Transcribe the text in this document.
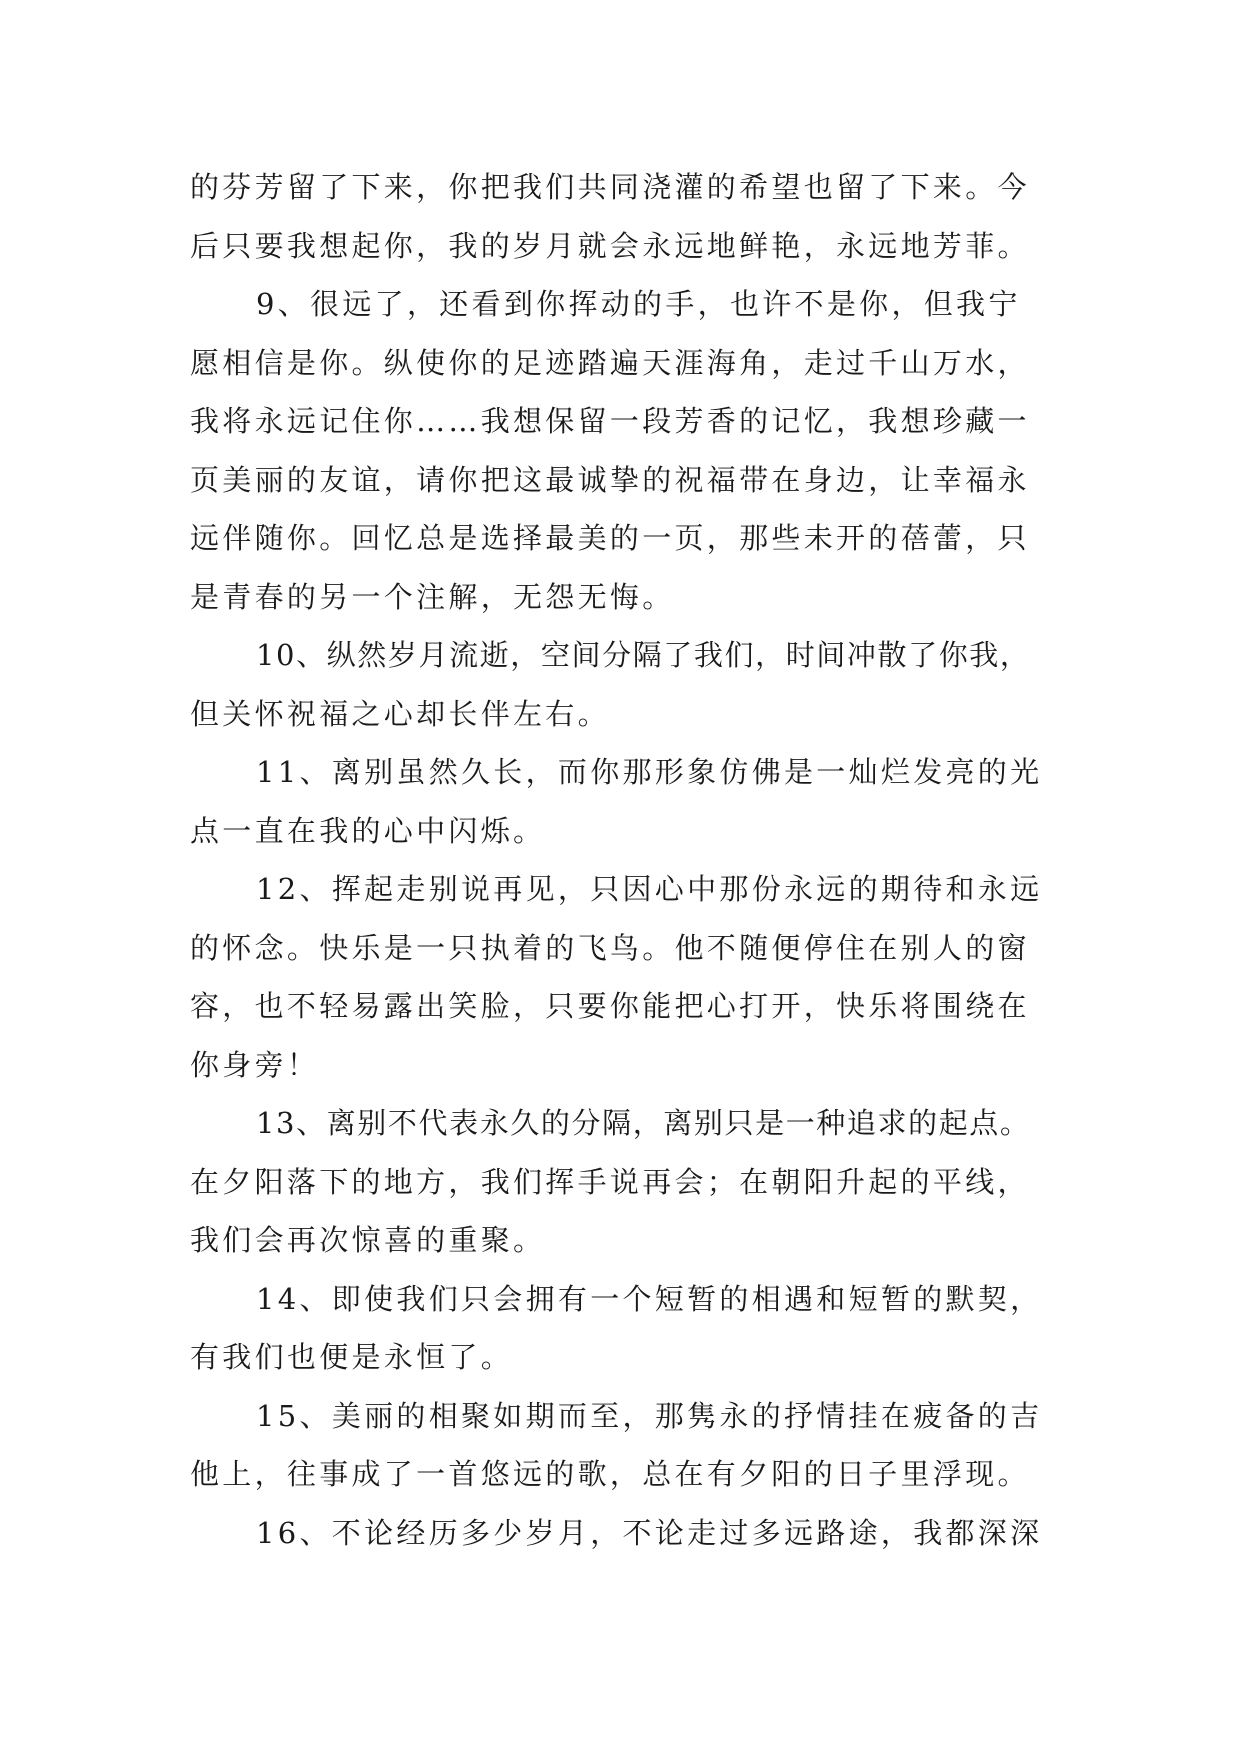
的芬芳留了下来，你把我们共同浇灌的希望也留了下来。今
后只要我想起你，我的岁月就会永远地鲜艳，永远地芳菲。
9、很远了，还看到你挥动的手，也许不是你，但我宁
愿相信是你。纵使你的足迹踏遍天涯海角，走过千山万水，
我将永远记住你……我想保留一段芳香的记忆，我想珍藏一
页美丽的友谊，请你把这最诚挚的祝福带在身边，让幸福永
远伴随你。回忆总是选择最美的一页，那些未开的蓓蕾，只
是青春的另一个注解，无怨无悔。
10、纵然岁月流逝，空间分隔了我们，时间冲散了你我，
但关怀祝福之心却长伴左右。
11、离别虽然久长，而你那形象仿佛是一灿烂发亮的光
点一直在我的心中闪烁。
12、挥起走别说再见，只因心中那份永远的期待和永远
的怀念。快乐是一只执着的飞鸟。他不随便停住在别人的窗
容，也不轻易露出笑脸，只要你能把心打开，快乐将围绕在
你身旁！
13、离别不代表永久的分隔，离别只是一种追求的起点。
在夕阳落下的地方，我们挥手说再会；在朝阳升起的平线，
我们会再次惊喜的重聚。
14、即使我们只会拥有一个短暂的相遇和短暂的默契，
有我们也便是永恒了。
15、美丽的相聚如期而至，那隽永的抒情挂在疲备的吉
他上，往事成了一首悠远的歌，总在有夕阳的日子里浮现。
16、不论经历多少岁月，不论走过多远路途，我都深深
